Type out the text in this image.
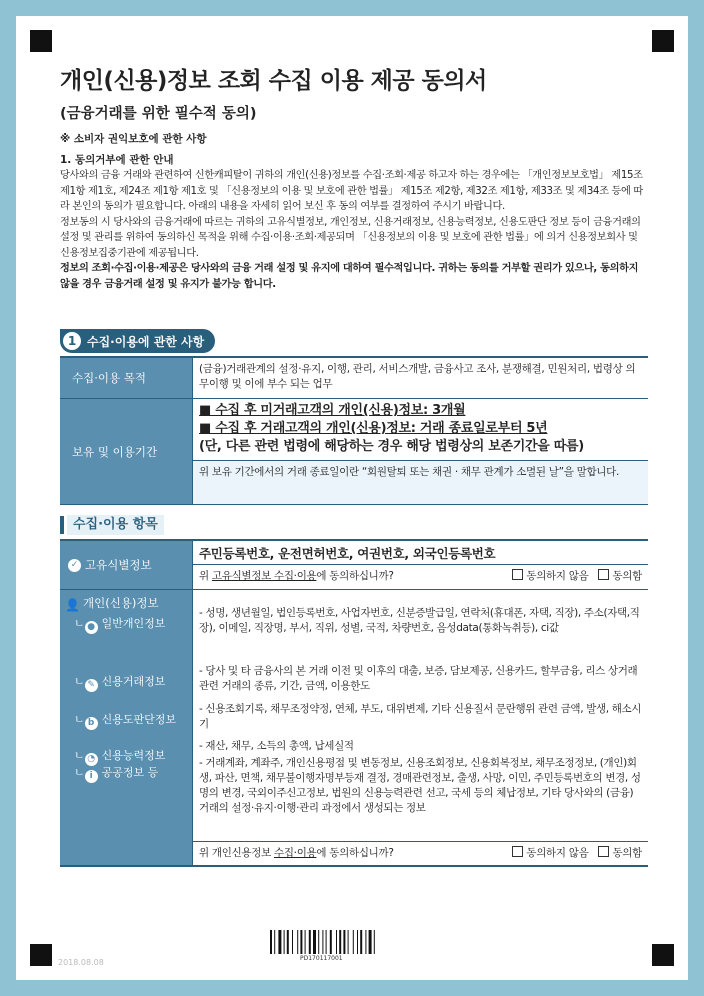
개인(신용)정보 조회 수집 이용 제공 동의서
(금융거래를 위한 필수적 동의)
※ 소비자 권익보호에 관한 사항
1. 동의거부에 관한 안내

당사와의 금융 거래와 관련하여 신한캐피탈이 귀하의 개인(신용)정보를 수집·조회·제공 하고자 하는 경우에는 「개인정보보호법」 제15조 제1항 제1호, 제24조 제1항 제1호 및 「신용정보의 이용 및 보호에 관한 법률」 제15조 제2항, 제32조 제1항, 제33조 및 제34조 등에 따라 본인의 동의가 필요합니다. 아래의 내용을 자세히 읽어 보신 후 동의 여부를 결정하여 주시기 바랍니다.

정보동의 시 당사와의 금융거래에 따르는 귀하의 고유식별정보, 개인정보, 신용거래정보, 신용능력정보, 신용도판단 정보 등이 금융거래의 설정 및 관리를 위하여 동의하신 목적을 위해 수집·이용·조회·제공되며 「신용정보의 이용 및 보호에 관한 법률」에 의거 신용정보회사 및 신용정보집중기관에 제공됩니다.

정보의 조회·수집·이용·제공은 당사와의 금융 거래 설정 및 유지에 대하여 필수적입니다. 귀하는 동의를 거부할 권리가 있으나, 동의하지 않을 경우 금융거래 설정 및 유지가 불가능 합니다.

1 수집·이용에 관한 사항
수집·이용 목적
(금융)거래관계의 설정·유지, 이행, 관리, 서비스개발, 금융사고 조사, 분쟁해결, 민원처리, 법령상 의무이행 및 이에 부수 되는 업무
보유 및 이용기간
■ 수집 후 미거래고객의 개인(신용)정보: 3개월
■ 수집 후 거래고객의 개인(신용)정보: 거래 종료일로부터 5년
(단, 다른 관련 법령에 해당하는 경우 해당 법령상의 보존기간을 따름)
위 보유 기간에서의 거래 종료일이란 “회원탈퇴 또는 채권 · 채무 관계가 소멸된 날”을 말합니다.
수집·이용 항목
✓ 고유식별정보
주민등록번호, 운전면허번호, 여권번호, 외국인등록번호
위 고유식별정보 수집·이용에 동의하십니까?	동의하지 않음 동의함
👤 개인(신용)정보
ㄴ ● 일반개인정보
ㄴ ✎ 신용거래정보
ㄴ b 신용도판단정보
ㄴ ◔ 신용능력정보
ㄴ i 공공정보 등

- 성명, 생년월일, 법인등록번호, 사업자번호, 신분증발급일, 연락처(휴대폰, 자택, 직장), 주소(자택,직장), 이메일, 직장명, 부서, 직위, 성별, 국적, 차량번호, 음성data(통화녹취등), ci값

- 당사 및 타 금융사의 본 거래 이전 및 이후의 대출, 보증, 담보제공, 신용카드, 할부금융, 리스 상거래 관련 거래의 종류, 기간, 금액, 이용한도

- 신용조회기록, 채무조정약정, 연체, 부도, 대위변제, 기타 신용질서 문란행위 관련 금액, 발생, 해소시기

- 재산, 채무, 소득의 총액, 납세실적

- 거래계좌, 계좌주, 개인신용평점 및 변동정보, 신용조회정보, 신용회복정보, 채무조정정보, (개인)회생, 파산, 면책, 채무불이행자명부등재 결정, 경매관련정보, 출생, 사망, 이민, 주민등록번호의 변경, 성명의 변경, 국외이주신고정보, 법원의 신용능력관련 선고, 국세 등의 체납정보, 기타 당사와의 (금융)거래의 설정·유지·이행·관리 과정에서 생성되는 정보

위 개인신용정보 수집·이용에 동의하십니까?	동의하지 않음 동의함
PD170117001
2018.08.08
